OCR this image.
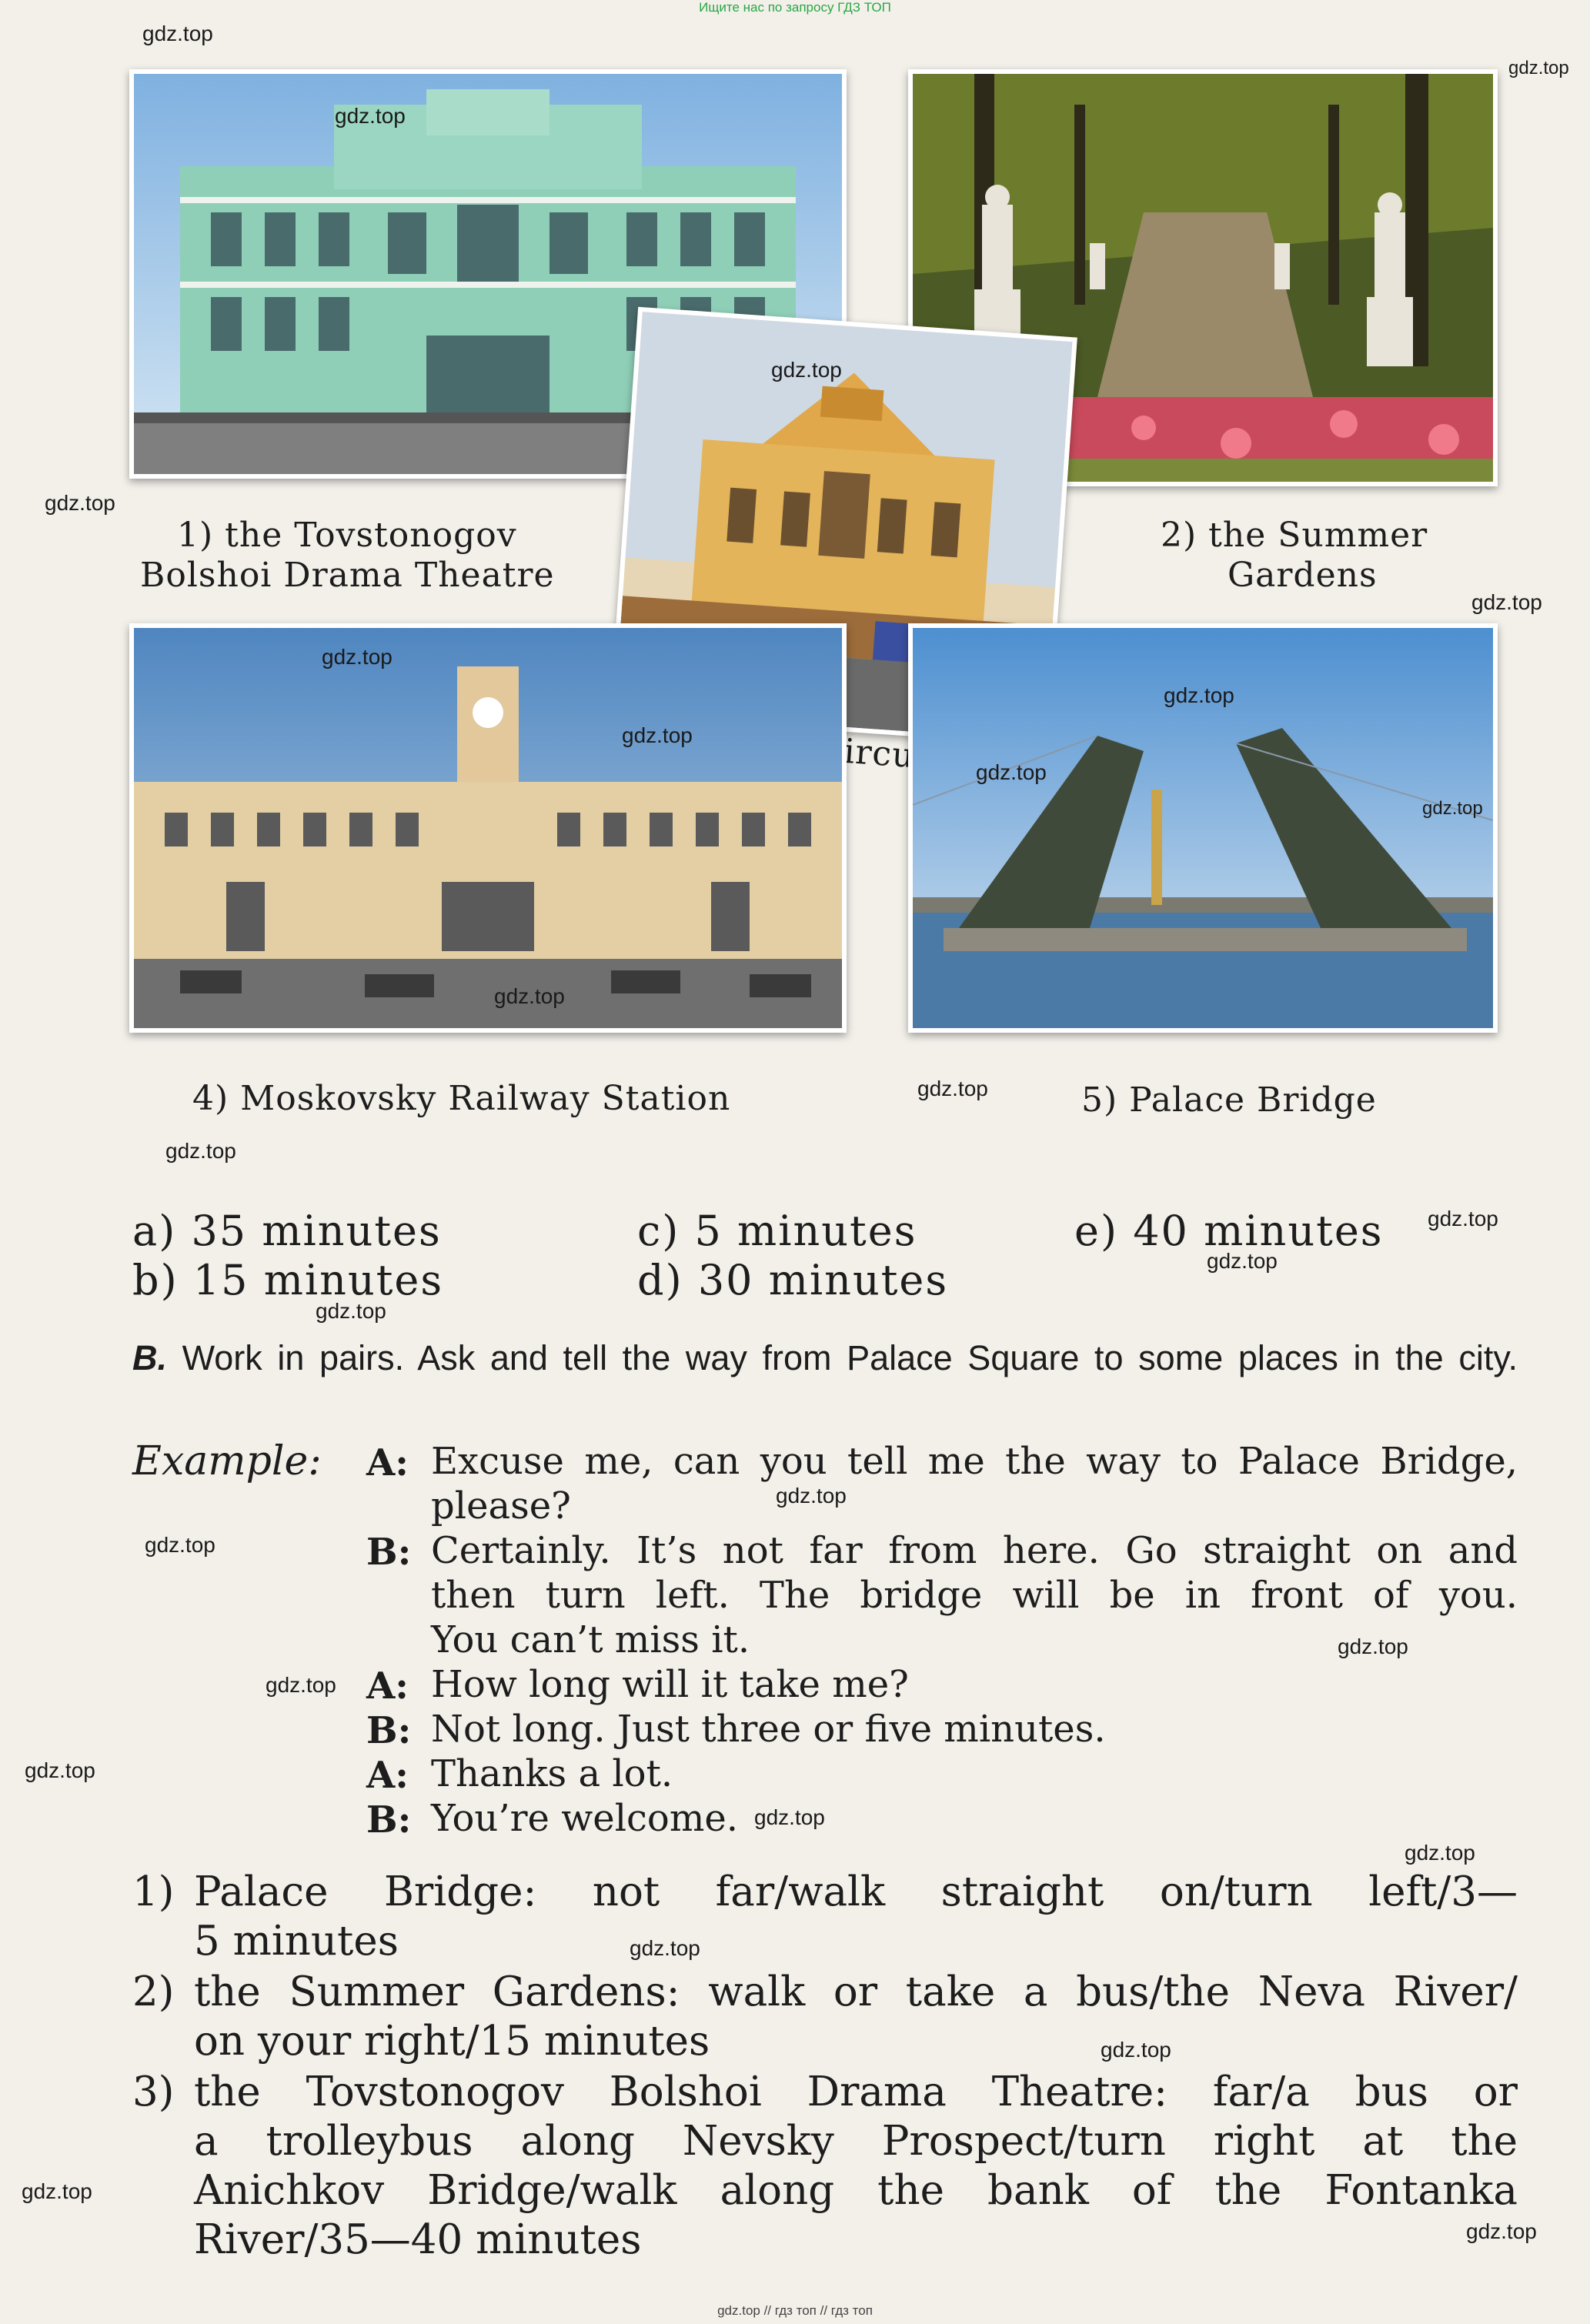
Ищите нас по запросу ГДЗ ТОП
Circus
1) the Tovstonogov
Bolshoi Drama Theatre
2) the Summer
Gardens
4) Moskovsky Railway Station	5) Palace Bridge
a) 35 minutes
b) 15 minutes
c) 5 minutes
d) 30 minutes
e) 40 minutes
B. Work in pairs. Ask and tell the way from Palace Square to some places in the city.
Example: A: Excuse me, can you tell me the way to Palace Bridge,
please?
B: Certainly. It’s not far from here. Go straight on and
then turn left. The bridge will be in front of you.
You can’t miss it.
A: How long will it take me?
B: Not long. Just three or five minutes.
A: Thanks a lot.
B: You’re welcome.
1) Palace Bridge: not far/walk straight on/turn left/3—
5 minutes
2) the Summer Gardens: walk or take a bus/the Neva River/
on your right/15 minutes
3) the Tovstonogov Bolshoi Drama Theatre: far/a bus or
a trolleybus along Nevsky Prospect/turn right at the
Anichkov Bridge/walk along the bank of the Fontanka
River/35—40 minutes
gdz.top
gdz.top
gdz.top
gdz.top
gdz.top
gdz.top
gdz.top
gdz.top
gdz.top
gdz.top
gdz.top
gdz.top
gdz.top
gdz.top
gdz.top
gdz.top
gdz.top
gdz.top
gdz.top
gdz.top
gdz.top
gdz.top
gdz.top
gdz.top
gdz.top
gdz.top
gdz.top
gdz.top
gdz.top // гдз топ // гдз топ
